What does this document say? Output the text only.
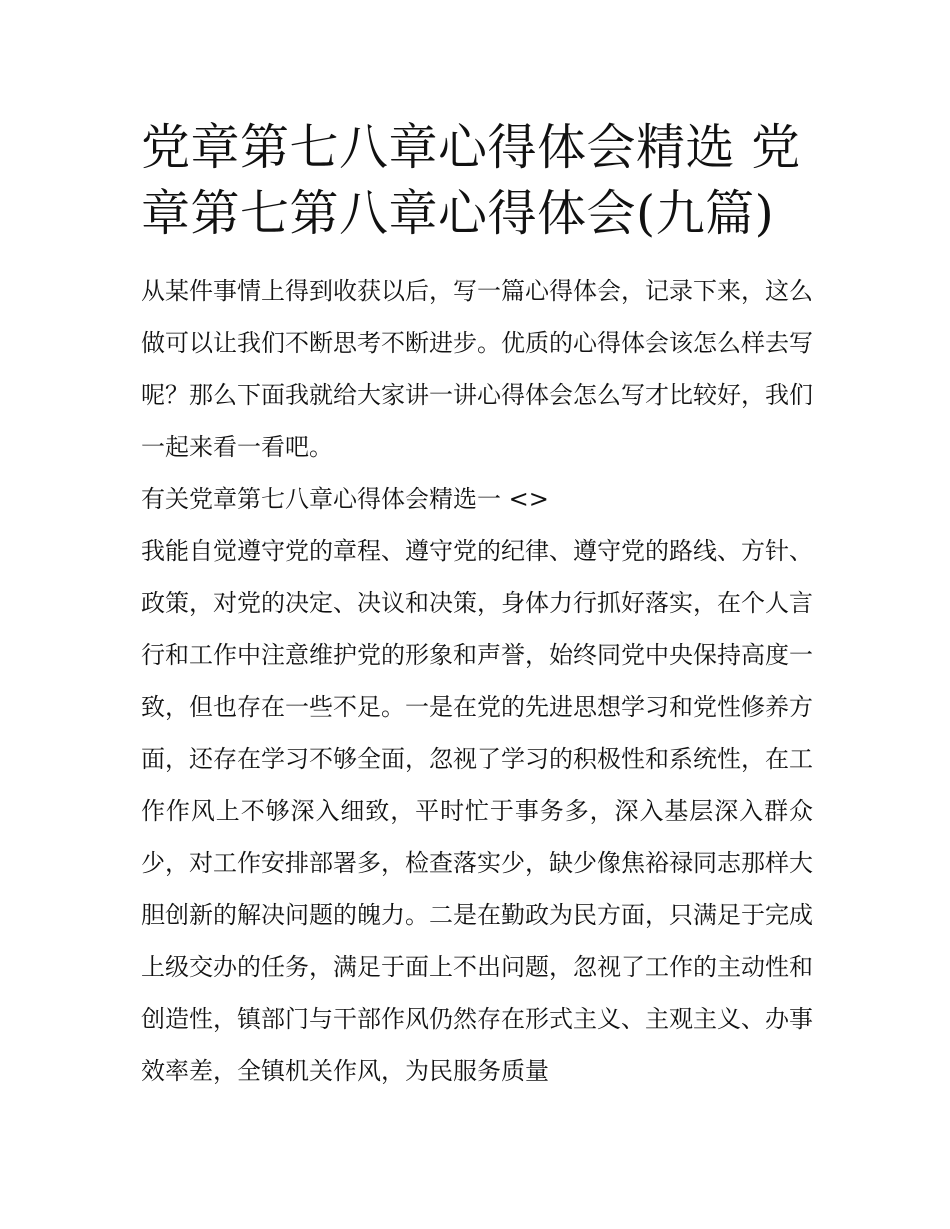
党章第七八章心得体会精选 党章第七第八章心得体会(九篇)

从某件事情上得到收获以后，写一篇心得体会，记录下来，这么做可以让我们不断思考不断进步。优质的心得体会该怎么样去写呢？那么下面我就给大家讲一讲心得体会怎么写才比较好，我们一起来看一看吧。

有关党章第七八章心得体会精选一 <>

我能自觉遵守党的章程、遵守党的纪律、遵守党的路线、方针、政策，对党的决定、决议和决策，身体力行抓好落实，在个人言行和工作中注意维护党的形象和声誉，始终同党中央保持高度一致，但也存在一些不足。一是在党的先进思想学习和党性修养方面，还存在学习不够全面，忽视了学习的积极性和系统性，在工作作风上不够深入细致，平时忙于事务多，深入基层深入群众少，对工作安排部署多，检查落实少，缺少像焦裕禄同志那样大胆创新的解决问题的魄力。二是在勤政为民方面，只满足于完成上级交办的任务，满足于面上不出问题，忽视了工作的主动性和创造性，镇部门与干部作风仍然存在形式主义、主观主义、办事效率差，全镇机关作风，为民服务质量
